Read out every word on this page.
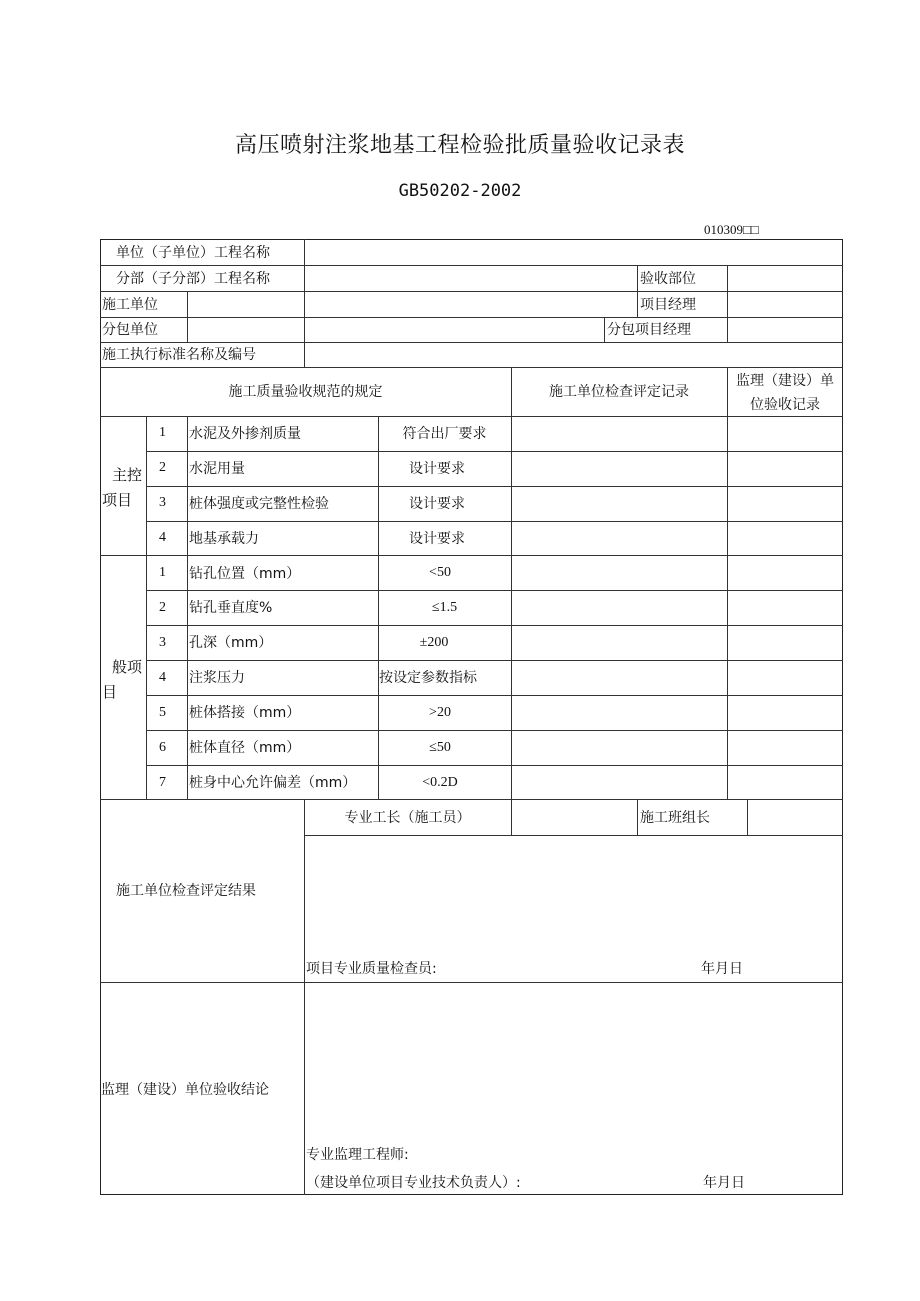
高压喷射注浆地基工程检验批质量验收记录表
GB50202-2002
010309□□
单位（子单位）工程名称
分部（子分部）工程名称	验收部位
施工单位	项目经理
分包单位	分包项目经理
施工执行标准名称及编号
施工质量验收规范的规定	施工单位检查评定记录
监理（建设）单
位验收记录
主控
项目
1	水泥及外掺剂质量	符合出厂要求
2	水泥用量	设计要求
3	桩体强度或完整性检验	设计要求
4	地基承载力	设计要求
般项
目
1	钻孔位置（mm）	<50
2	钻孔垂直度%	≤1.5
3	孔深（mm）	±200
4	注浆压力	按设定参数指标
5	桩体搭接（mm）	>20
6	桩体直径（mm）	≤50
7	桩身中心允许偏差（mm）	<0.2D
专业工长（施工员）	施工班组长
施工单位检查评定结果
项目专业质量检查员:	年月日
监理（建设）单位验收结论
专业监理工程师:
（建设单位项目专业技术负责人）:	年月日
